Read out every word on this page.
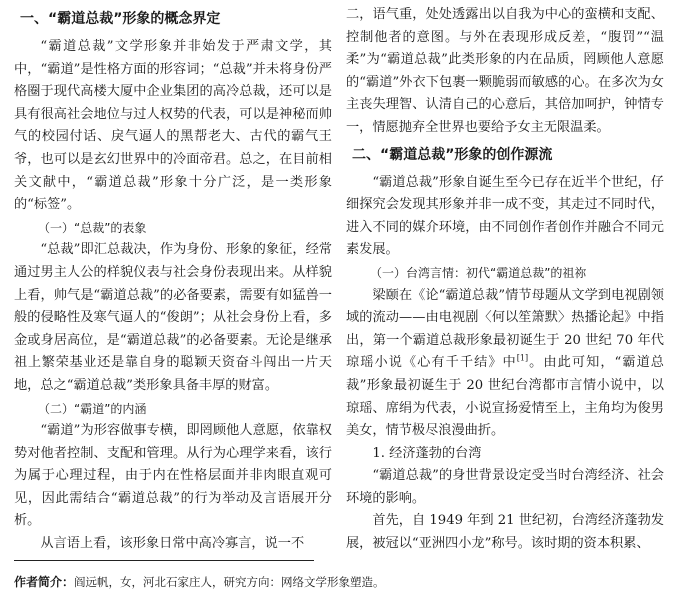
一、“霸道总裁”形象的概念界定

“霸道总裁”文学形象并非始发于严肃文学，其中，“霸道”是性格方面的形容词；“总裁”并未将身份严格圈于现代高楼大厦中企业集团的高冷总裁，还可以是具有很高社会地位与过人权势的代表，可以是神秘而帅气的校园付话、戾气逼人的黑帮老大、古代的霸气王爷，也可以是玄幻世界中的冷面帝君。总之，在目前相关文献中，“霸道总裁”形象十分广泛，是一类形象的“标签”。

（一）“总裁”的表象

“总裁”即汇总裁决，作为身份、形象的象征，经常通过男主人公的样貌仪表与社会身份表现出来。从样貌上看，帅气是“霸道总裁”的必备要素，需要有如猛兽一般的侵略性及寒气逼人的“俊朗”；从社会身份上看，多金或身居高位，是“霸道总裁”的必备要素。无论是继承祖上繁荣基业还是靠自身的聪颖天资奋斗闯出一片天地，总之“霸道总裁”类形象具备丰厚的财富。

（二）“霸道”的内涵

“霸道”为形容做事专横，即罔顾他人意愿，依靠权势对他者控制、支配和管理。从行为心理学来看，该行为属于心理过程，由于内在性格层面并非肉眼直观可见，因此需结合“霸道总裁”的行为举动及言语展开分析。

从言语上看，该形象日常中高冷寡言，说一不

二，语气重，处处透露出以自我为中心的蛮横和支配、控制他者的意图。与外在表现形成反差，“腹罚”“温柔”为“霸道总裁”此类形象的内在品质，罔顾他人意愿的“霸道”外衣下包裹一颗脆弱而敏感的心。在多次为女主丧失理智、认清自己的心意后，其倍加呵护，钟情专一，情愿抛弃全世界也要给予女主无限温柔。

二、“霸道总裁”形象的创作源流

“霸道总裁”形象自诞生至今已存在近半个世纪，仔细探究会发现其形象并非一成不变，其走过不同时代，进入不同的媒介环境，由不同创作者创作并融合不同元素发展。

（一）台湾言情：初代“霸道总裁”的祖祢

梁颐在《论“霸道总裁”情节母题从文学到电视剧领域的流动——由电视剧〈何以笙箫默〉热播论起》中指出，第一个霸道总裁形象最初诞生于 20 世纪 70 年代琼瑶小说《心有千千结》中[1]。由此可知，“霸道总裁”形象最初诞生于 20 世纪台湾都市言情小说中，以琼瑶、席绢为代表，小说宣扬爱情至上，主角均为俊男美女，情节极尽浪漫曲折。

1. 经济蓬勃的台湾

“霸道总裁”的身世背景设定受当时台湾经济、社会环境的影响。

首先，自 1949 年到 21 世纪初，台湾经济蓬勃发展，被冠以“亚洲四小龙”称号。该时期的资本积累、

作者简介：阎远帆，女，河北石家庄人，研究方向：网络文学形象塑造。
